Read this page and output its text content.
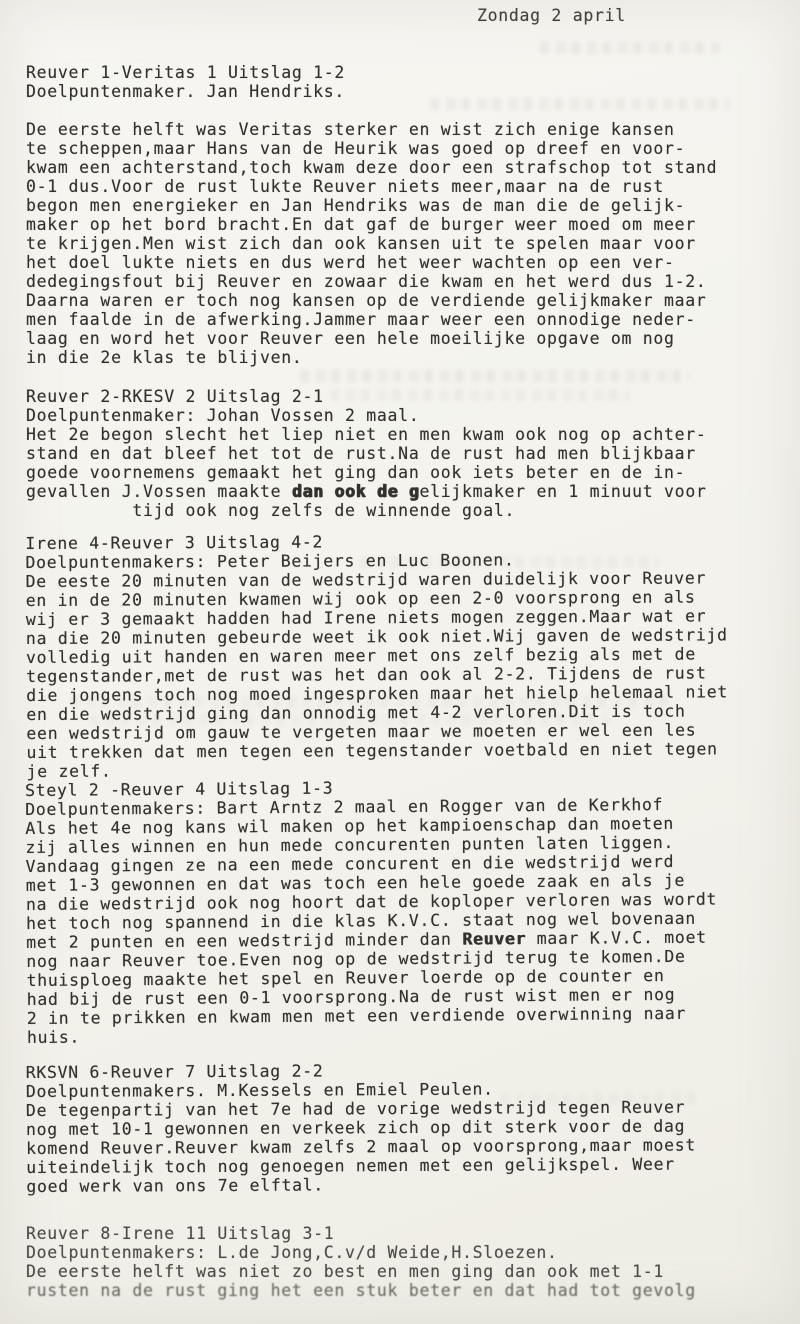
Zondag 2 april
Reuver 1-Veritas 1 Uitslag 1-2
Doelpuntenmaker. Jan Hendriks.
De eerste helft was Veritas sterker en wist zich enige kansen
te scheppen,maar Hans van de Heurik was goed op dreef en voor-
kwam een achterstand,toch kwam deze door een strafschop tot stand
0-1 dus.Voor de rust lukte Reuver niets meer,maar na de rust
begon men energieker en Jan Hendriks was de man die de gelijk-
maker op het bord bracht.En dat gaf de burger weer moed om meer
te krijgen.Men wist zich dan ook kansen uit te spelen maar voor
het doel lukte niets en dus werd het weer wachten op een ver-
dedegingsfout bij Reuver en zowaar die kwam en het werd dus 1-2.
Daarna waren er toch nog kansen op de verdiende gelijkmaker maar
men faalde in de afwerking.Jammer maar weer een onnodige neder-
laag en word het voor Reuver een hele moeilijke opgave om nog
in die 2e klas te blijven.
Reuver 2-RKESV 2 Uitslag 2-1
Doelpuntenmaker: Johan Vossen 2 maal.
Het 2e begon slecht het liep niet en men kwam ook nog op achter-
stand en dat bleef het tot de rust.Na de rust had men blijkbaar
goede voornemens gemaakt het ging dan ook iets beter en de in-
gevallen J.Vossen maakte dan ook de gelijkmaker en 1 minuut voor
tijd ook nog zelfs de winnende goal.
Irene 4-Reuver 3 Uitslag 4-2
Doelpuntenmakers: Peter Beijers en Luc Boonen.
De eeste 20 minuten van de wedstrijd waren duidelijk voor Reuver
en in de 20 minuten kwamen wij ook op een 2-0 voorsprong en als
wij er 3 gemaakt hadden had Irene niets mogen zeggen.Maar wat er
na die 20 minuten gebeurde weet ik ook niet.Wij gaven de wedstrijd
volledig uit handen en waren meer met ons zelf bezig als met de
tegenstander,met de rust was het dan ook al 2-2. Tijdens de rust
die jongens toch nog moed ingesproken maar het hielp helemaal niet
en die wedstrijd ging dan onnodig met 4-2 verloren.Dit is toch
een wedstrijd om gauw te vergeten maar we moeten er wel een les
uit trekken dat men tegen een tegenstander voetbald en niet tegen
je zelf.
Steyl 2 -Reuver 4 Uitslag 1-3
Doelpuntenmakers: Bart Arntz 2 maal en Rogger van de Kerkhof
Als het 4e nog kans wil maken op het kampioenschap dan moeten
zij alles winnen en hun mede concurenten punten laten liggen.
Vandaag gingen ze na een mede concurent en die wedstrijd werd
met 1-3 gewonnen en dat was toch een hele goede zaak en als je
na die wedstrijd ook nog hoort dat de koploper verloren was wordt
het toch nog spannend in die klas K.V.C. staat nog wel bovenaan
met 2 punten en een wedstrijd minder dan Reuver maar K.V.C. moet
nog naar Reuver toe.Even nog op de wedstrijd terug te komen.De
thuisploeg maakte het spel en Reuver loerde op de counter en
had bij de rust een 0-1 voorsprong.Na de rust wist men er nog
2 in te prikken en kwam men met een verdiende overwinning naar
huis.
RKSVN 6-Reuver 7 Uitslag 2-2
Doelpuntenmakers. M.Kessels en Emiel Peulen.
De tegenpartij van het 7e had de vorige wedstrijd tegen Reuver
nog met 10-1 gewonnen en verkeek zich op dit sterk voor de dag
komend Reuver.Reuver kwam zelfs 2 maal op voorsprong,maar moest
uiteindelijk toch nog genoegen nemen met een gelijkspel. Weer
goed werk van ons 7e elftal.
Reuver 8-Irene 11 Uitslag 3-1
Doelpuntenmakers: L.de Jong,C.v/d Weide,H.Sloezen.
De eerste helft was niet zo best en men ging dan ook met 1-1
rusten na de rust ging het een stuk beter en dat had tot gevolg
